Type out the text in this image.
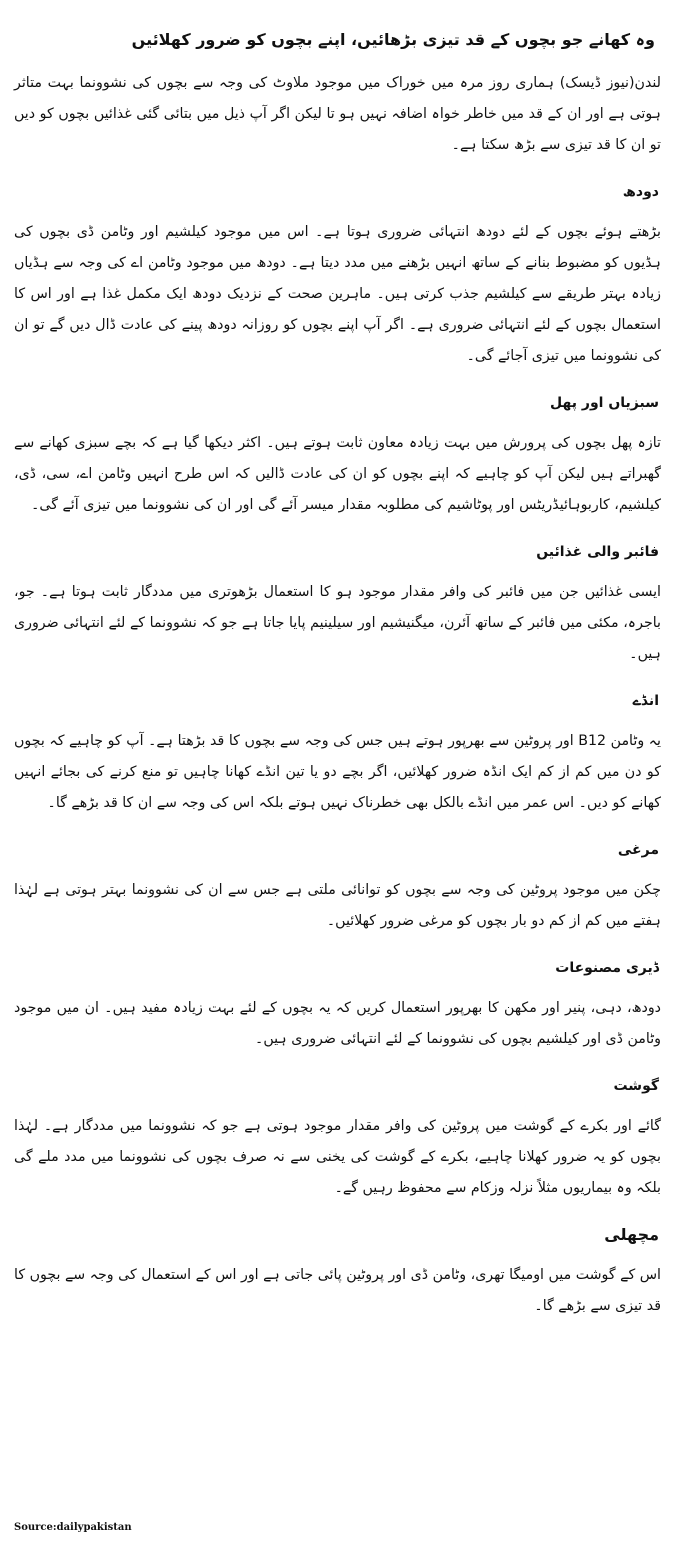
وہ کھانے جو بچوں کے قد تیزی بڑھائیں، اپنے بچوں کو ضرور کھلائیں

لندن(نیوز ڈیسک) ہماری روز مرہ میں خوراک میں موجود ملاوٹ کی وجہ سے بچوں کی نشوونما بہت متاثر ہوتی ہے اور ان کے قد میں خاطر خواہ اضافہ نہیں ہو تا لیکن اگر آپ ذیل میں بتائی گئی غذائیں بچوں کو دیں تو ان کا قد تیزی سے بڑھ سکتا ہے۔

دودھ

بڑھتے ہوئے بچوں کے لئے دودھ انتہائی ضروری ہوتا ہے۔ اس میں موجود کیلشیم اور وٹامن ڈی بچوں کی ہڈیوں کو مضبوط بنانے کے ساتھ انہیں بڑھنے میں مدد دیتا ہے۔ دودھ میں موجود وٹامن اے کی وجہ سے ہڈیاں زیادہ بہتر طریقے سے کیلشیم جذب کرتی ہیں۔ ماہرین صحت کے نزدیک دودھ ایک مکمل غذا ہے اور اس کا استعمال بچوں کے لئے انتہائی ضروری ہے۔ اگر آپ اپنے بچوں کو روزانہ دودھ پینے کی عادت ڈال دیں گے تو ان کی نشوونما میں تیزی آجائے گی۔

سبزیاں اور پھل

تازہ پھل بچوں کی پرورش میں بہت زیادہ معاون ثابت ہوتے ہیں۔ اکثر دیکھا گیا ہے کہ بچے سبزی کھانے سے گھبراتے ہیں لیکن آپ کو چاہیے کہ اپنے بچوں کو ان کی عادت ڈالیں کہ اس طرح انہیں وٹامن اے، سی، ڈی، کیلشیم، کاربوہائیڈریٹس اور پوٹاشیم کی مطلوبہ مقدار میسر آئے گی اور ان کی نشوونما میں تیزی آئے گی۔

فائبر والی غذائیں

ایسی غذائیں جن میں فائبر کی وافر مقدار موجود ہو کا استعمال بڑھوتری میں مددگار ثابت ہوتا ہے۔ جو، باجرہ، مکئی میں فائبر کے ساتھ آئرن، میگنیشیم اور سیلینیم پایا جاتا ہے جو کہ نشوونما کے لئے انتہائی ضروری ہیں۔

انڈے

یہ وٹامن B12 اور پروٹین سے بھرپور ہوتے ہیں جس کی وجہ سے بچوں کا قد بڑھتا ہے۔ آپ کو چاہیے کہ بچوں کو دن میں کم از کم ایک انڈہ ضرور کھلائیں، اگر بچے دو یا تین انڈے کھانا چاہیں تو منع کرنے کی بجائے انہیں کھانے کو دیں۔ اس عمر میں انڈے بالکل بھی خطرناک نہیں ہوتے بلکہ اس کی وجہ سے ان کا قد بڑھے گا۔

مرغی

چکن میں موجود پروٹین کی وجہ سے بچوں کو توانائی ملتی ہے جس سے ان کی نشوونما بہتر ہوتی ہے لہٰذا ہفتے میں کم از کم دو بار بچوں کو مرغی ضرور کھلائیں۔

ڈیری مصنوعات

دودھ، دہی، پنیر اور مکھن کا بھرپور استعمال کریں کہ یہ بچوں کے لئے بہت زیادہ مفید ہیں۔ ان میں موجود وٹامن ڈی اور کیلشیم بچوں کی نشوونما کے لئے انتہائی ضروری ہیں۔

گوشت

گائے اور بکرے کے گوشت میں پروٹین کی وافر مقدار موجود ہوتی ہے جو کہ نشوونما میں مددگار ہے۔ لہٰذا بچوں کو یہ ضرور کھلانا چاہیے، بکرے کے گوشت کی یخنی سے نہ صرف بچوں کی نشوونما میں مدد ملے گی بلکہ وہ بیماریوں مثلاً نزلہ وزکام سے محفوظ رہیں گے۔

مچھلی

اس کے گوشت میں اومیگا تھری، وٹامن ڈی اور پروٹین پائی جاتی ہے اور اس کے استعمال کی وجہ سے بچوں کا قد تیزی سے بڑھے گا۔

Source:dailypakistan
